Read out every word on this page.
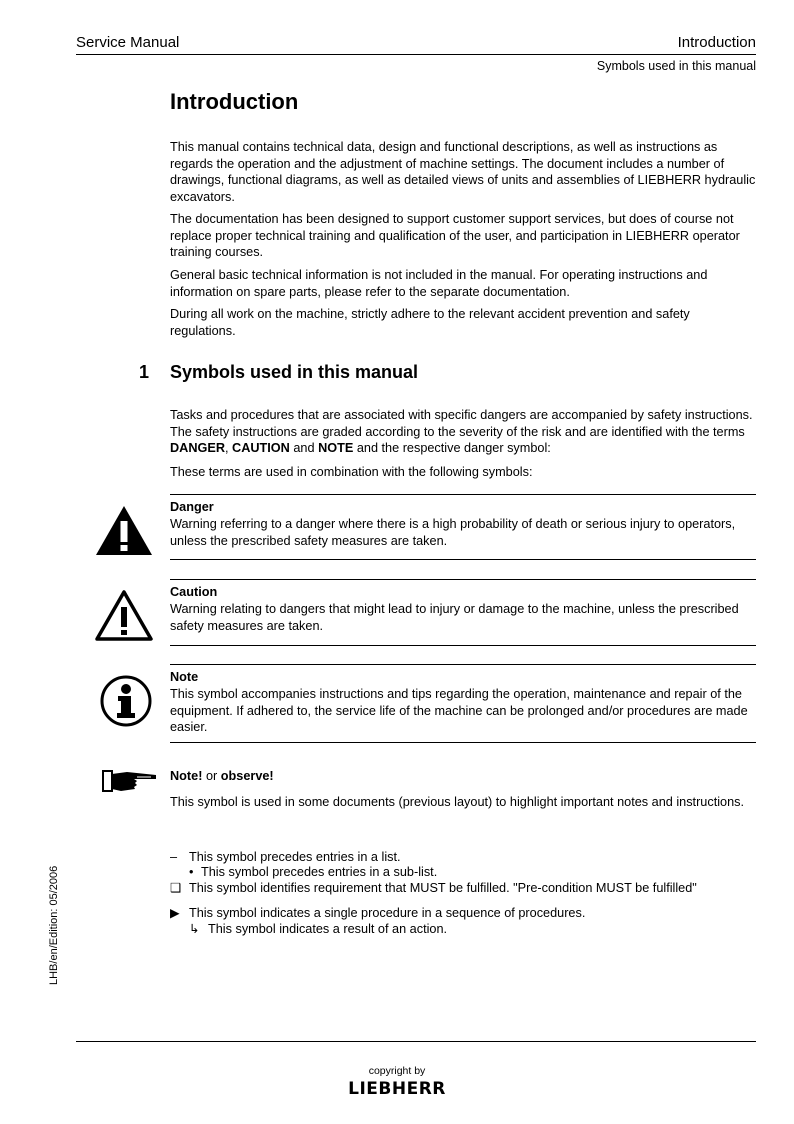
Service Manual	Introduction
Symbols used in this manual
Introduction

This manual contains technical data, design and functional descriptions, as well as instructions as regards the operation and the adjustment of machine settings. The document includes a number of drawings, functional diagrams, as well as detailed views of units and assemblies of LIEBHERR hydraulic excavators.

The documentation has been designed to support customer support services, but does of course not replace proper technical training and qualification of the user, and participation in LIEBHERR operator training courses.

General basic technical information is not included in the manual. For operating instructions and information on spare parts, please refer to the separate documentation.

During all work on the machine, strictly adhere to the relevant accident prevention and safety regulations.

1 Symbols used in this manual

Tasks and procedures that are associated with specific dangers are accompanied by safety instructions. The safety instructions are graded according to the severity of the risk and are identified with the terms DANGER, CAUTION and NOTE and the respective danger symbol:

These terms are used in combination with the following symbols:

Danger
Warning referring to a danger where there is a high probability of death or serious injury to operators, unless the prescribed safety measures are taken.
Caution
Warning relating to dangers that might lead to injury or damage to the machine, unless the prescribed safety measures are taken.
Note
This symbol accompanies instructions and tips regarding the operation, maintenance and repair of the equipment. If adhered to, the service life of the machine can be prolonged and/or procedures are made easier.
Note! or observe!
This symbol is used in some documents (previous layout) to highlight important notes and instructions.
– This symbol precedes entries in a list.
• This symbol precedes entries in a sub-list.
❑ This symbol identifies requirement that MUST be fulfilled. "Pre-condition MUST be fulfilled"
▶ This symbol indicates a single procedure in a sequence of procedures.
↳ This symbol indicates a result of an action.
LHB/en/Edition: 05/2006
copyright by
LIEBHERR
